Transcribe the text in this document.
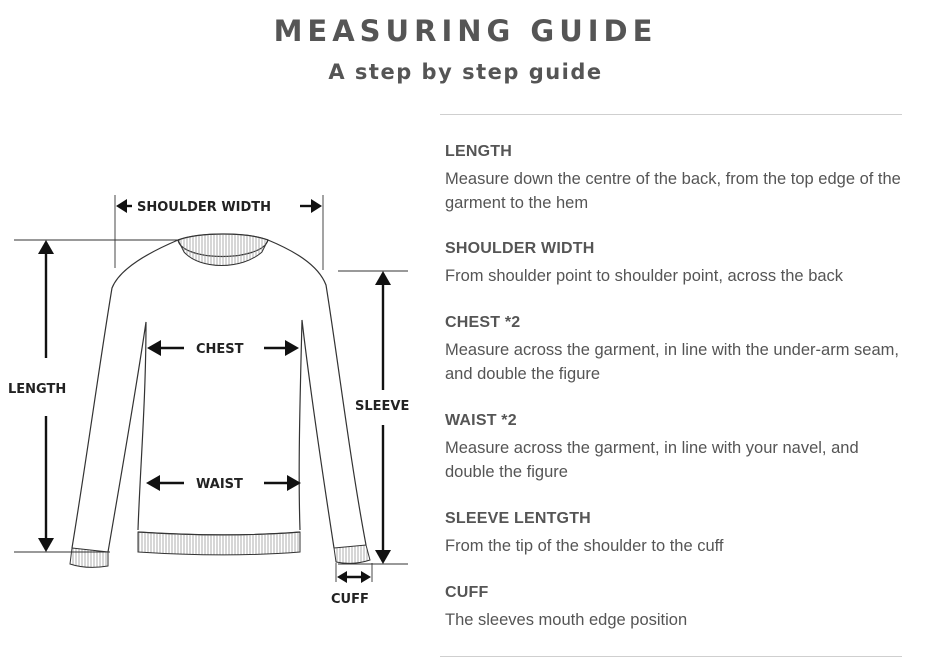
MEASURING GUIDE
A step by step guide
SHOULDER WIDTH
CHEST
WAIST
LENGTH
SLEEVE
CUFF
LENGTH

Measure down the centre of the back, from the top edge of the garment to the hem

SHOULDER WIDTH

From shoulder point to shoulder point, across the back

CHEST *2

Measure across the garment, in line with the under-arm seam, and double the figure

WAIST *2

Measure across the garment, in line with your navel, and double the figure

SLEEVE LENTGTH

From the tip of the shoulder to the cuff

CUFF

The sleeves mouth edge position
